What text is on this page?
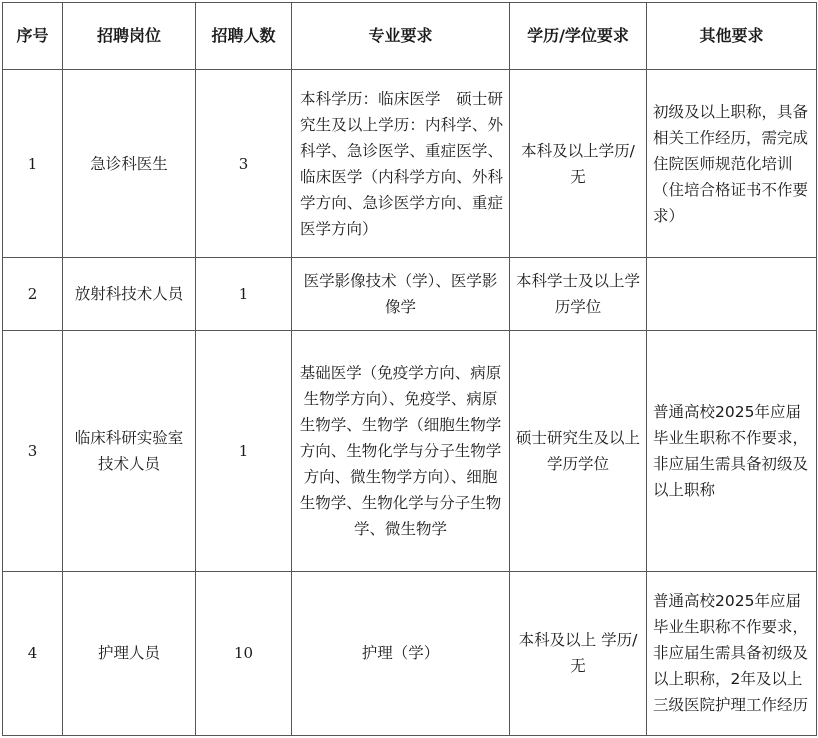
序号	招聘岗位	招聘人数	专业要求	学历/学位要求	其他要求
1	急诊科医生	3	本科学历：临床医学　硕士研究生及以上学历：内科学、外科学、急诊医学、重症医学、临床医学（内科学方向、外科学方向、急诊医学方向、重症医学方向）	本科及以上学历/无	初级及以上职称，具备相关工作经历，需完成住院医师规范化培训（住培合格证书不作要求）

2	放射科技术人员	1	医学影像技术（学）、医学影像学	本科学士及以上学历学位	

3	临床科研实验室技术人员	1	基础医学（免疫学方向、病原生物学方向）、免疫学、病原生物学、生物学（细胞生物学方向、生物化学与分子生物学方向、微生物学方向）、细胞生物学、生物化学与分子生物学、微生物学	硕士研究生及以上学历学位	普通高校2025年应届毕业生职称不作要求，非应届生需具备初级及以上职称

4	护理人员	10	护理（学）	本科及以上 学历/无	普通高校2025年应届毕业生职称不作要求，非应届生需具备初级及以上职称，2年及以上三级医院护理工作经历
